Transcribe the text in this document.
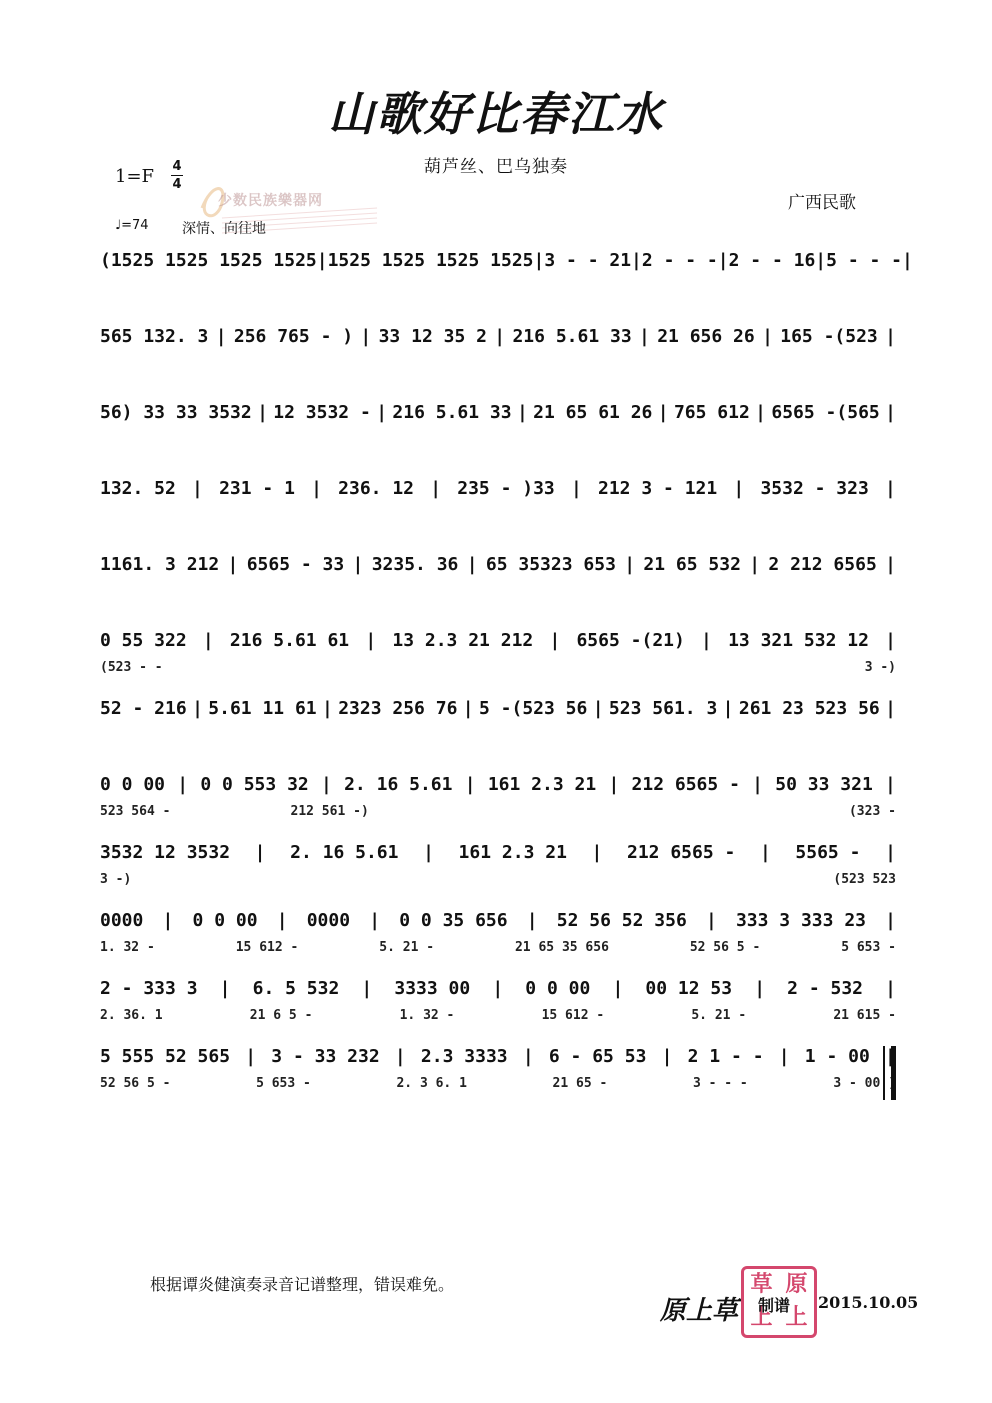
山歌好比春江水
葫芦丝、巴乌独奏
1=F 4
4
少数民族樂器网	广西民歌
♩=74 深情、向往地
(1525 1525 1525 1525 | 1525 1525 1525 1525 | 3 - - 21 | 2 - - - | 2 - - 16 | 5 - - - |
565 132. 3 | 256 765 - ) | 33 12 35 2 | 216 5.61 33 | 21 656 26 | 165 -(523 |
56) 33 33 3532 | 12 3532 - | 216 5.61 33 | 21 65 61 26 | 765 612 | 6565 -(565 |
132. 52 | 231 - 1 | 236. 12 | 235 - )33 | 212 3 - 121 | 3532 - 323 |
1161. 3 212 | 6565 - 33 | 3235. 36 | 65 35323 653 | 21 65 532 | 2 212 6565 |
0 55 322 | 216 5.61 61 | 13 2.3 21 212 | 6565 -(21) | 13 321 532 12 |
(523 - -	3 -)
52 - 216 | 5.61 11 61 | 2323 256 76 | 5 -(523 56 | 523 561. 3 | 261 23 523 56 |
0 0 00 | 0 0 553 32 | 2. 16 5.61 | 161 2.3 21 | 212 6565 - | 50 33 321 |
523 564 -	212 561 -)	(323 -
3532 12 3532 | 2. 16 5.61 | 161 2.3 21 | 212 6565 - | 5565 - |
3 -)	(523 523
0000 | 0 0 00 | 0000 | 0 0 35 656 | 52 56 52 356 | 333 3 333 23 |
1. 32 -	15 612 -	5. 21 -	21 65 35 656	52 56 5 -	5 653 -
2 - 333 3 | 6. 5 532 | 3333 00 | 0 0 00 | 00 12 53 | 2 - 532 |
2. 36. 1	21 6 5 -	1. 32 -	15 612 -	5. 21 -	21 615 -
5 555 52 565 | 3 - 33 232 | 2.3 3333 | 6 - 65 53 | 2 1 - - | 1 - 00 |
52 56 5 -	5 653 -	2. 3 6. 1	21 65 -	3 - - -	3 - 00 )
根据谭炎健演奏录音记谱整理，错误难免。
原上草
草 原
上 上
制谱 2015.10.05
